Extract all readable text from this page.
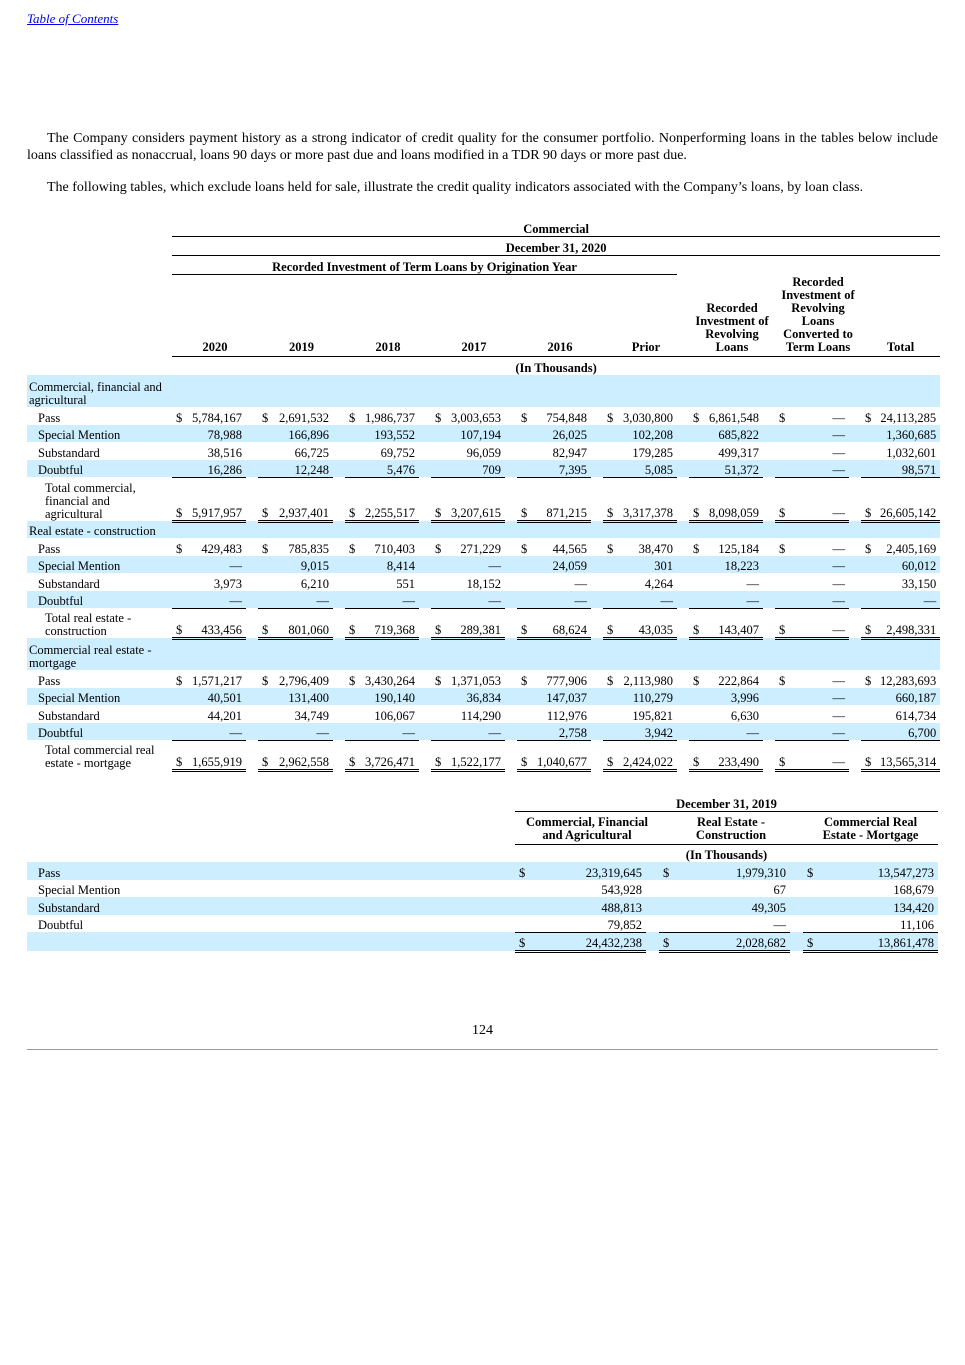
Table of Contents

The Company considers payment history as a strong indicator of credit quality for the consumer portfolio. Nonperforming loans in the tables below include loans classified as nonaccrual, loans 90 days or more past due and loans modified in a TDR 90 days or more past due.

The following tables, which exclude loans held for sale, illustrate the credit quality indicators associated with the Company’s loans, by loan class.

	Commercial																									
	December 31, 2020																									
	Recorded Investment of Term Loans by Origination Year																									
	2020			2019			2018			2017			2016			Prior			Recorded Investment of Revolving Loans			Recorded Investment of Revolving Loans Converted to Term Loans			Total	
	(In Thousands)																									
Commercial, financial and agricultural																										
Pass	$	5,784,167		$	2,691,532		$	1,986,737		$	3,003,653		$	754,848		$	3,030,800		$	6,861,548		$	—		$	24,113,285
Special Mention		78,988			166,896			193,552			107,194			26,025			102,208			685,822			—			1,360,685
Substandard		38,516			66,725			69,752			96,059			82,947			179,285			499,317			—			1,032,601
Doubtful		16,286			12,248			5,476			709			7,395			5,085			51,372			—			98,571
Total commercial, financial and agricultural	$	5,917,957		$	2,937,401		$	2,255,517		$	3,207,615		$	871,215		$	3,317,378		$	8,098,059		$	—		$	26,605,142
Real estate - construction																										
Pass	$	429,483		$	785,835		$	710,403		$	271,229		$	44,565		$	38,470		$	125,184		$	—		$	2,405,169
Special Mention		—			9,015			8,414			—			24,059			301			18,223			—			60,012
Substandard		3,973			6,210			551			18,152			—			4,264			—			—			33,150
Doubtful		—			—			—			—			—			—			—			—			—
Total real estate - construction	$	433,456		$	801,060		$	719,368		$	289,381		$	68,624		$	43,035		$	143,407		$	—		$	2,498,331
Commercial real estate - mortgage																										
Pass	$	1,571,217		$	2,796,409		$	3,430,264		$	1,371,053		$	777,906		$	2,113,980		$	222,864		$	—		$	12,283,693
Special Mention		40,501			131,400			190,140			36,834			147,037			110,279			3,996			—			660,187
Substandard		44,201			34,749			106,067			114,290			112,976			195,821			6,630			—			614,734
Doubtful		—			—			—			—			2,758			3,942			—			—			6,700
Total commercial real estate - mortgage	$	1,655,919		$	2,962,558		$	3,726,471		$	1,522,177		$	1,040,677		$	2,424,022		$	233,490		$	—		$	13,565,314
	December 31, 2019							
	Commercial, Financial and Agricultural			Real Estate - Construction			Commercial Real Estate - Mortgage	
	(In Thousands)							
Pass	$	23,319,645		$	1,979,310		$	13,547,273
Special Mention		543,928			67			168,679
Substandard		488,813			49,305			134,420
Doubtful		79,852			—			11,106
	$	24,432,238		$	2,028,682		$	13,861,478
124
